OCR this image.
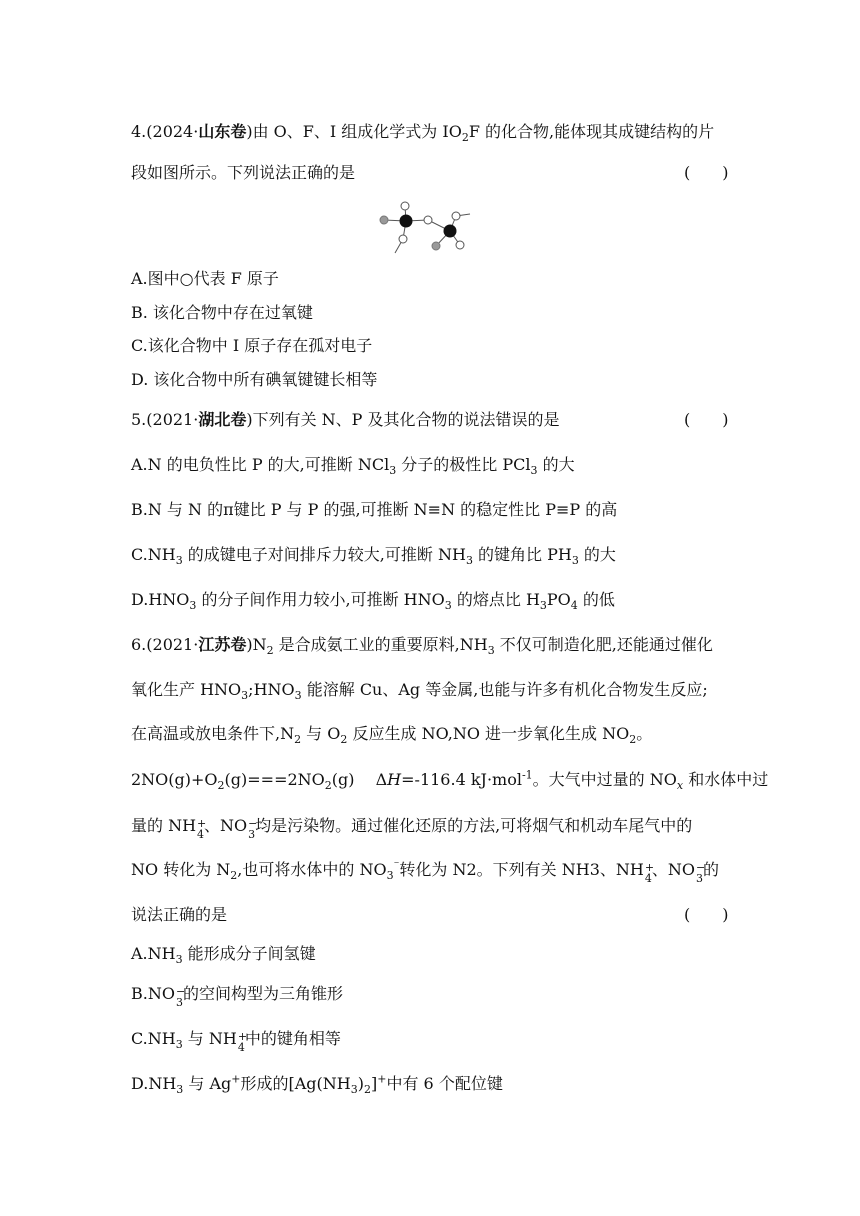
4.(2024·山东卷)由 O、F、I 组成化学式为 $IO_2F$ 的化合物,能体现其成键结构的片
段如图所示。下列说法正确的是	(　　)
A.图中○代表 F 原子
B. 该化合物中存在过氧键
C.该化合物中 I 原子存在孤对电子
D. 该化合物中所有碘氧键键长相等
5.(2021·湖北卷)下列有关 N、P 及其化合物的说法错误的是	(　　)
A.N 的电负性比 P 的大,可推断 NCl$_3$ 分子的极性比 PCl$_3$ 的大
B.N 与 N 的π键比 P 与 P 的强,可推断 N≡N 的稳定性比 P≡P 的高
$C.NH_3$ 的成键电子对间排斥力较大,可推断 $NH_3$ 的键角比 $PH_3$ 的大
$D.HNO_3$ 的分子间作用力较小,可推断 $HNO_3$ 的熔点比 $H_3PO_4$ 的低
6.(2021·江苏卷)$N_2$ 是合成氨工业的重要原料$,NH_3$ 不仅可制造化肥,还能通过催化
氧化生产 $HNO_3;HNO_3$ 能溶解 Cu、Ag 等金属,也能与许多有机化合物发生反应;
在高温或放电条件下$,N_2$ 与 $O_2$ 反应生成 NO,NO 进一步氧化生成 $NO_2$。
$2NO(g)+O_2(g)===2NO_2(g)$　 ΔH=-116.4 kJ·mol$^{-1}$。大气中过量的 $NO_x$ 和水体中过
量的 NH +
4 、NO −
3 均是污染物。通过催化还原的方法,可将烟气和机动车尾气中的
NO 转化为 $N_2$,也可将水体中的 $NO_3^{^-}$转化为 N2。下列有关 NH3、NH +
4 、NO −
3 的
说法正确的是	(　　)
$A.NH_3$ 能形成分子间氢键
B.NO −
3 的空间构型为三角锥形
$C.NH_3$ 与 NH +
4 中的键角相等
$D.NH_3$ 与 Ag+形成的$[Ag(NH_3)_2]^+$中有 6 个配位键
